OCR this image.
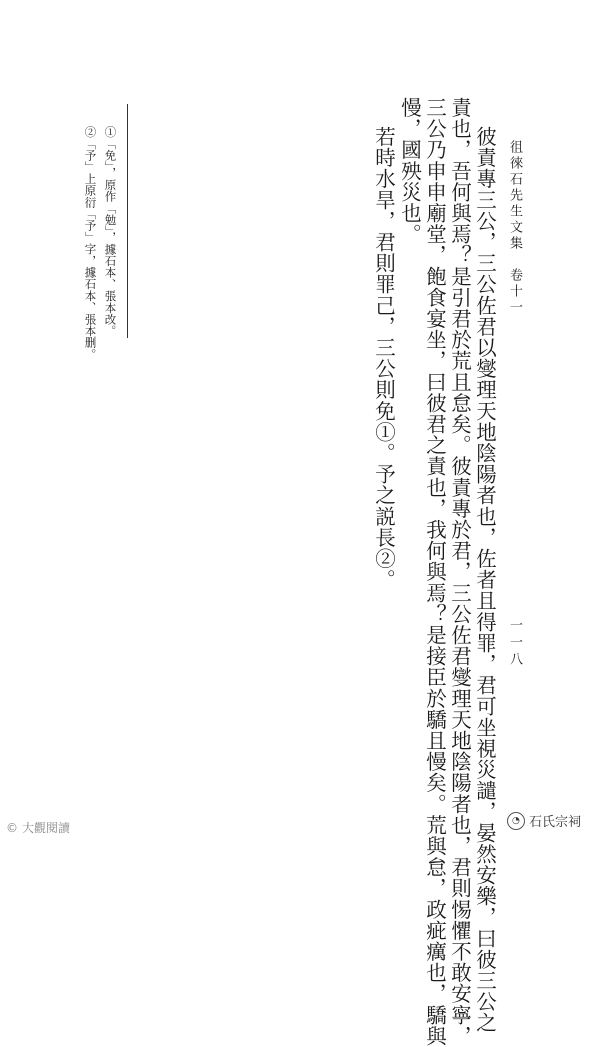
徂徠石先生文集　卷十一
一一八
彼責專三公，三公佐君以燮理天地陰陽者也，佐者且得罪，君可坐視災譴，晏然安樂，曰彼三公之
責也，吾何與焉？是引君於荒且怠矣。彼責專於君，三公佐君燮理天地陰陽者也，君則惕懼不敢安寧，
三公乃申申廟堂，飽食宴坐，曰彼君之責也，我何與焉？是接臣於驕且慢矣。荒與怠，政疵癘也，驕與
慢，國殃災也。
若時水旱，君則罪己，三公則免①。予之説長②。
①「免」，原作「勉」，據石本、張本改。
②「予」上原衍「予」字，據石本、張本删。
© 大觀閱讀
◔ 石氏宗祠
